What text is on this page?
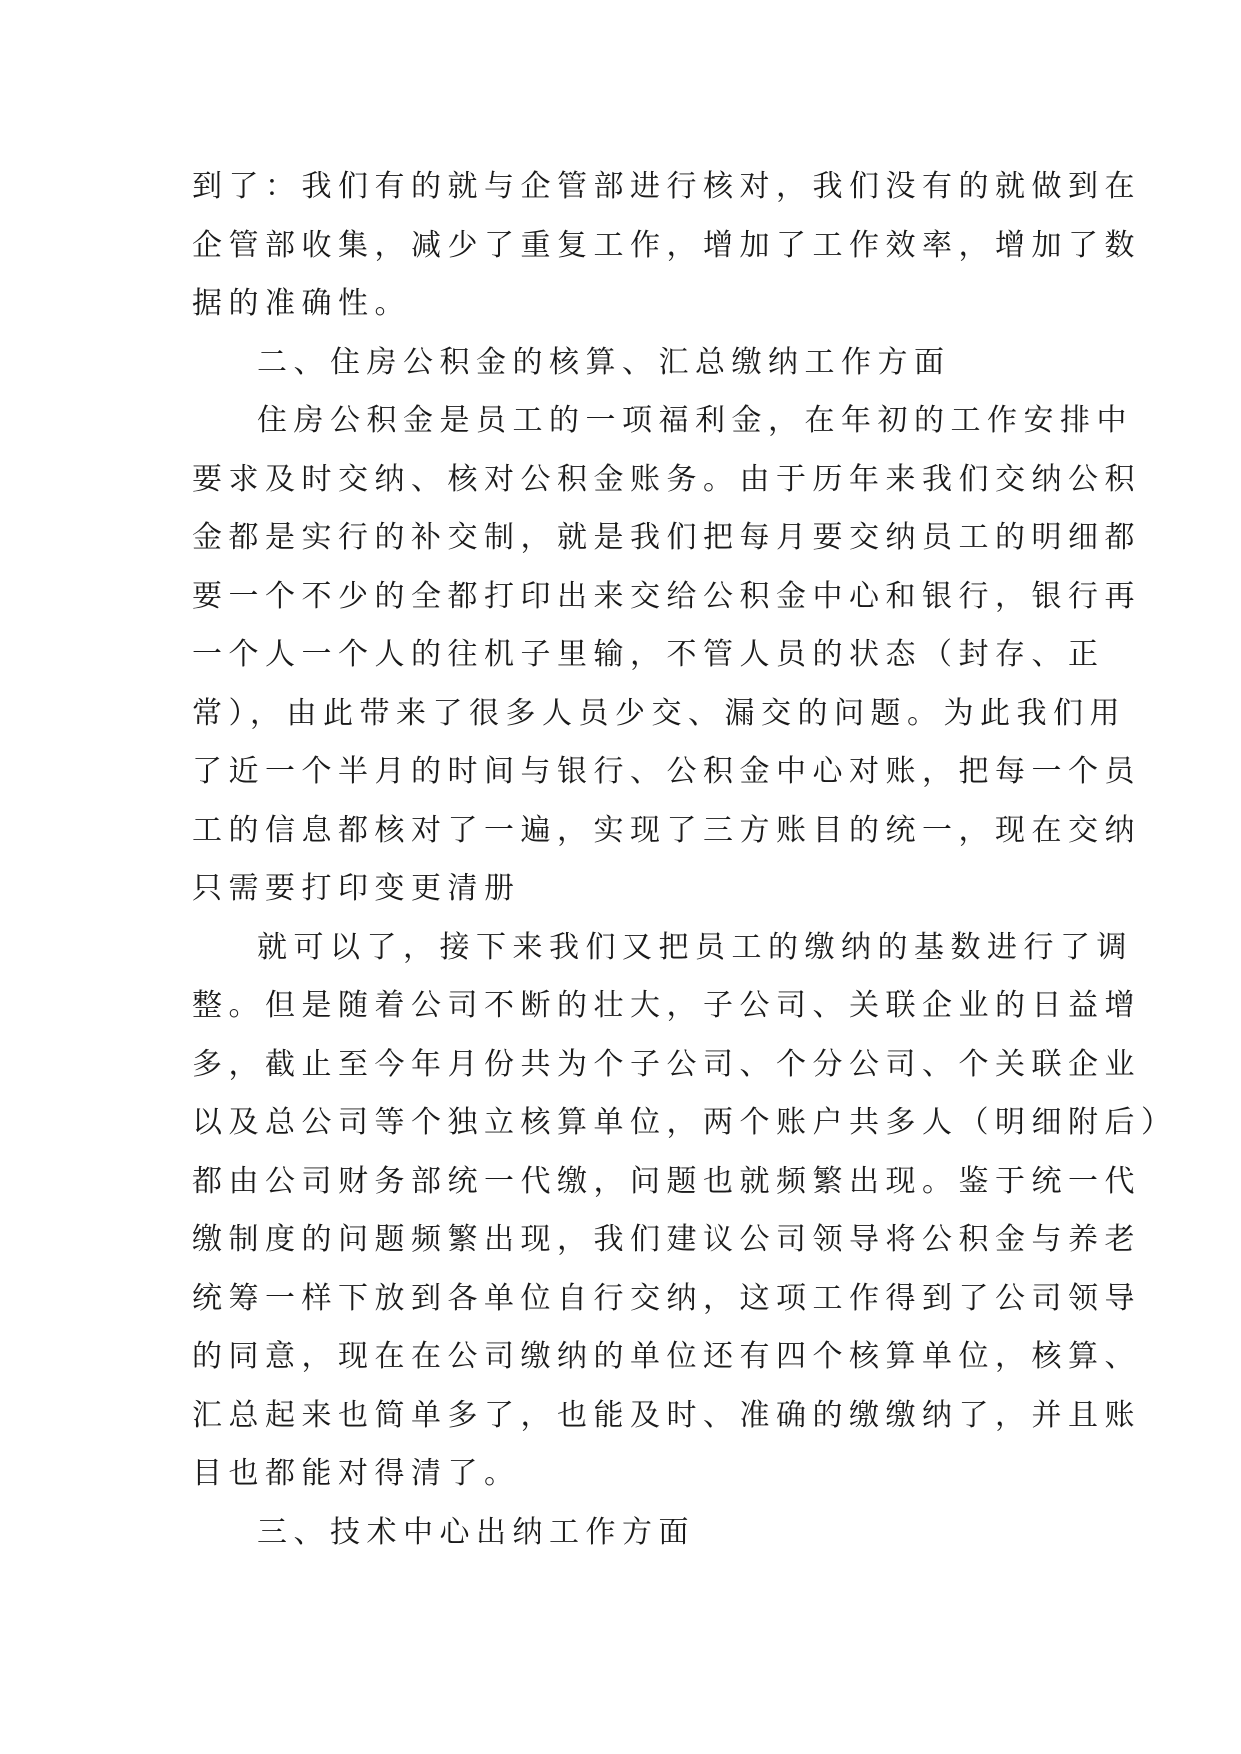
到了：我们有的就与企管部进行核对，我们没有的就做到在
企管部收集，减少了重复工作，增加了工作效率，增加了数
据的准确性。
二、住房公积金的核算、汇总缴纳工作方面
住房公积金是员工的一项福利金，在年初的工作安排中
要求及时交纳、核对公积金账务。由于历年来我们交纳公积
金都是实行的补交制，就是我们把每月要交纳员工的明细都
要一个不少的全都打印出来交给公积金中心和银行，银行再
一个人一个人的往机子里输，不管人员的状态（封存、正
常），由此带来了很多人员少交、漏交的问题。为此我们用
了近一个半月的时间与银行、公积金中心对账，把每一个员
工的信息都核对了一遍，实现了三方账目的统一，现在交纳
只需要打印变更清册
就可以了，接下来我们又把员工的缴纳的基数进行了调
整。但是随着公司不断的壮大，子公司、关联企业的日益增
多，截止至今年月份共为个子公司、个分公司、个关联企业
以及总公司等个独立核算单位，两个账户共多人（明细附后）
都由公司财务部统一代缴，问题也就频繁出现。鉴于统一代
缴制度的问题频繁出现，我们建议公司领导将公积金与养老
统筹一样下放到各单位自行交纳，这项工作得到了公司领导
的同意，现在在公司缴纳的单位还有四个核算单位，核算、
汇总起来也简单多了，也能及时、准确的缴缴纳了，并且账
目也都能对得清了。
三、技术中心出纳工作方面
